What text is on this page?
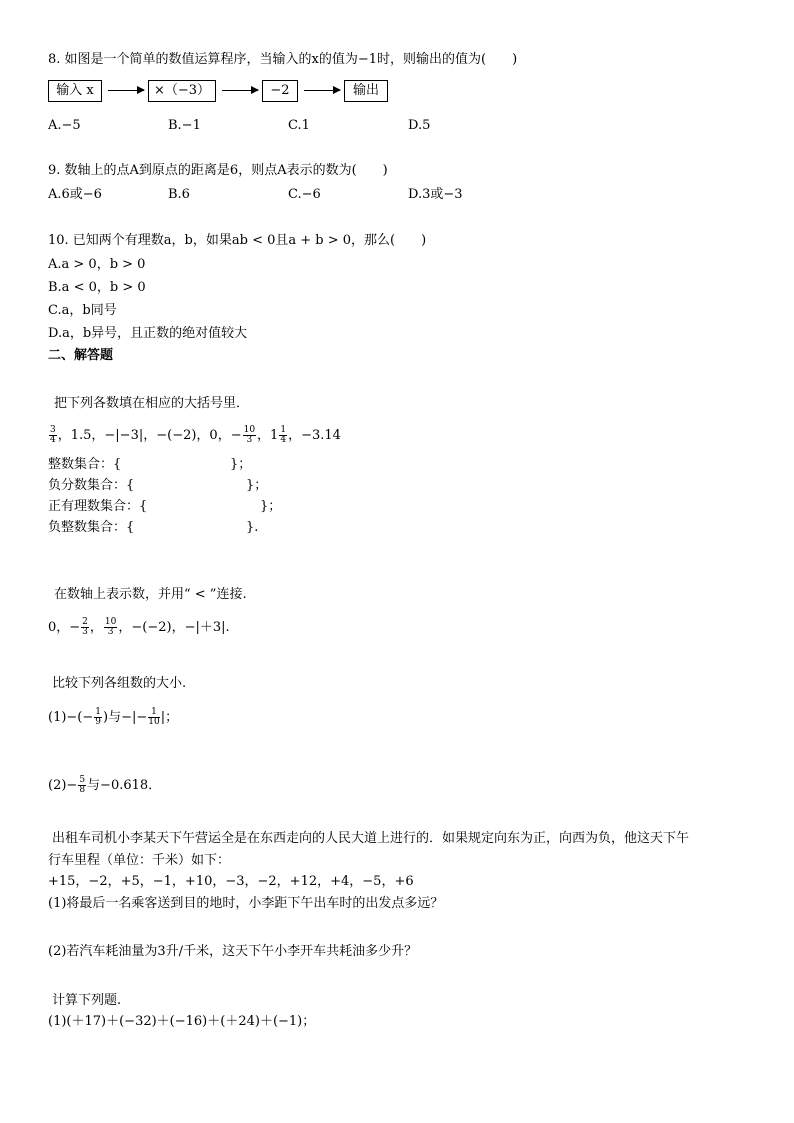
8. 如图是一个简单的数值运算程序，当输入的x的值为−1时，则输出的值为(　　)
输入 x	×（−3）	−2	输出
A.−5	B.−1	C.1	D.5
9. 数轴上的点A到原点的距离是6，则点A表示的数为(　　)
A.6或−6	B.6	C.−6	D.3或−3
10. 已知两个有理数a，b，如果ab < 0且a + b > 0，那么(　　)
A.a > 0，b > 0
B.a < 0，b > 0
C.a，b同号
D.a，b异号，且正数的绝对值较大
二、解答题
把下列各数填在相应的大括号里．
$\frac{3}{4}$ ，1.5，−|−3|，−(−2)，0，− $\frac{10}{3}$ ，$1 \frac{1}{4}$ ，−3.14
整数集合：{	}；
负分数集合：{	}；
正有理数集合：{	}；
负整数集合：{	}.
在数轴上表示数，并用“ < ”连接.
0，− $\frac{2}{3}$ ， $\frac{10}{3}$ ，−(−2)，−|＋3|.
比较下列各组数的大小.
$(1)-(- \frac{1}{9}$ )与−|− $\frac{1}{10}$ |；
$(2)- \frac{5}{8}$ 与−0.618．
出租车司机小李某天下午营运全是在东西走向的人民大道上进行的．如果规定向东为正，向西为负，他这天下午
行车里程（单位：千米）如下：
+15，−2，+5，−1，+10，−3，−2，+12，+4，−5，+6
(1)将最后一名乘客送到目的地时，小李距下午出车时的出发点多远？
(2)若汽车耗油量为3升/千米，这天下午小李开车共耗油多少升？
计算下列题.
(1)(＋17)＋(−32)＋(−16)＋(＋24)＋(−1)；
